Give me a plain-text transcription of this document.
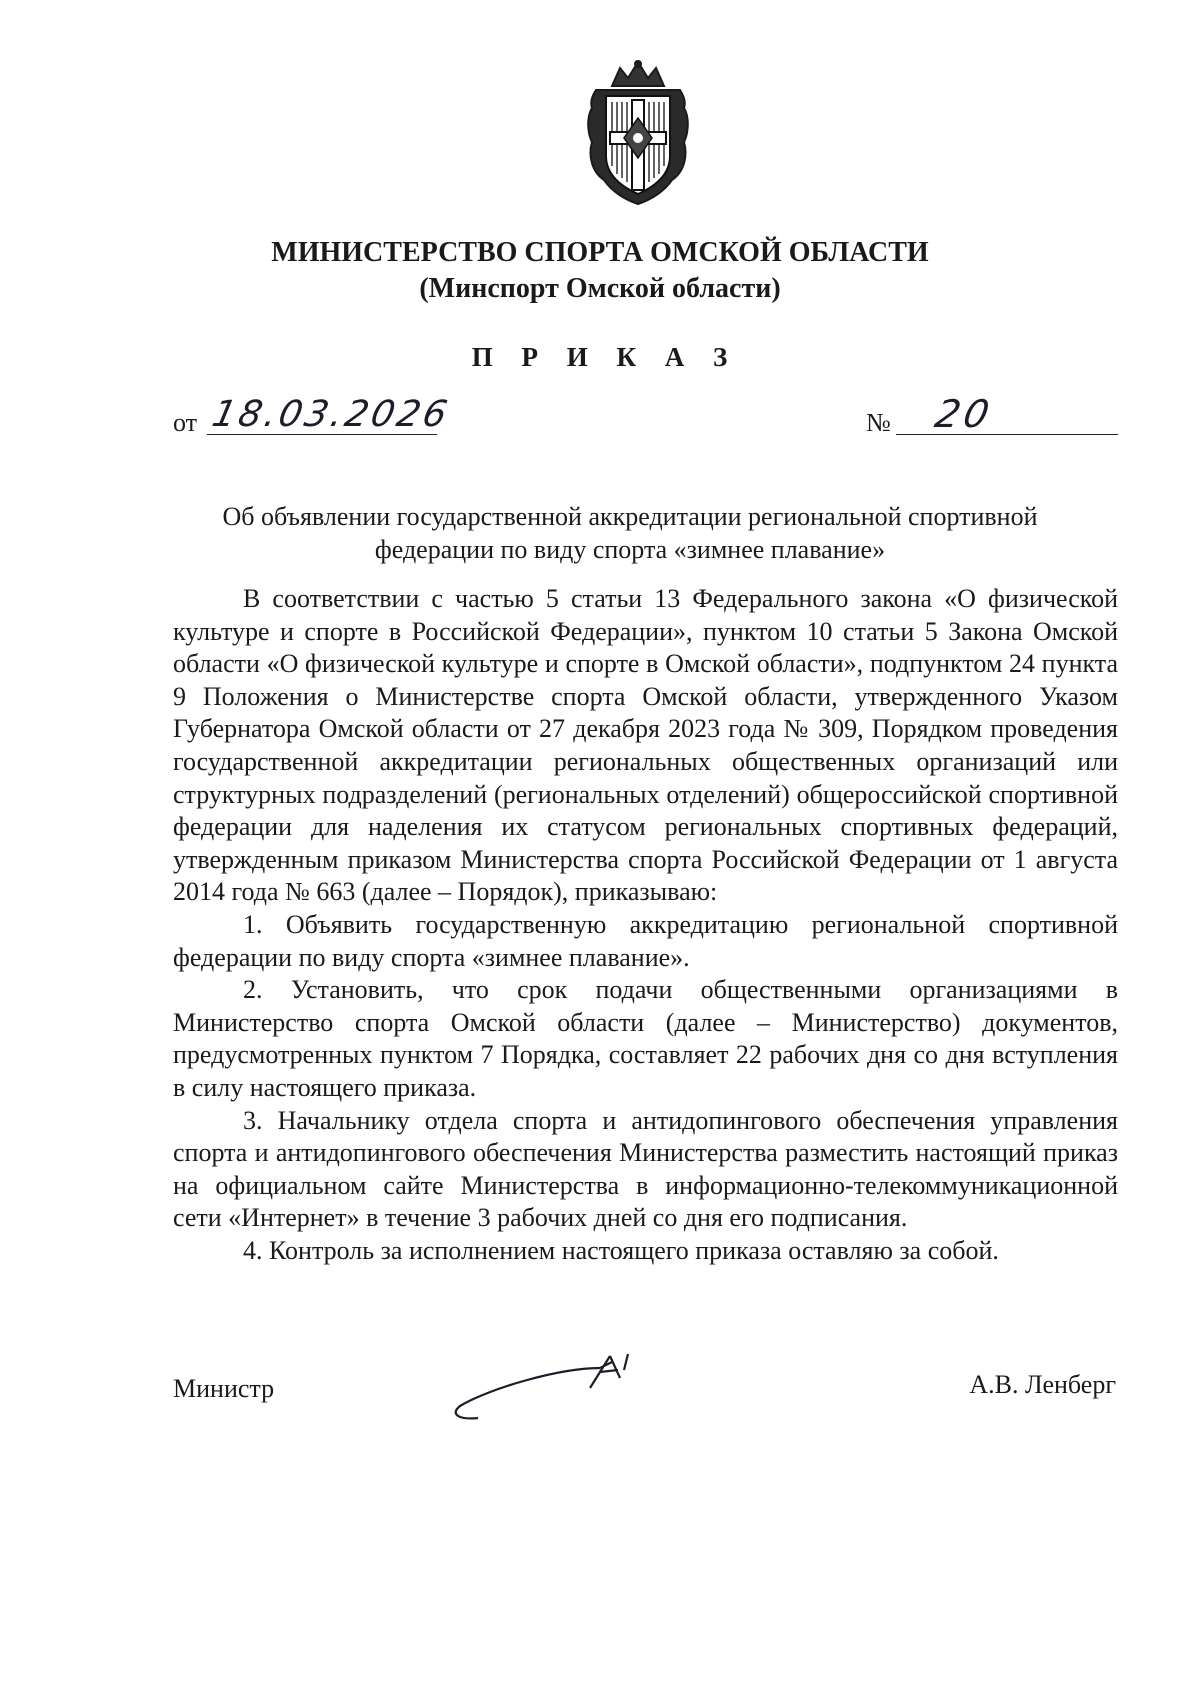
МИНИСТЕРСТВО СПОРТА ОМСКОЙ ОБЛАСТИ
(Минспорт Омской области)
П Р И К А З
от 18.03.2026	№ 20
Об объявлении государственной аккредитации региональной спортивной федерации по виду спорта «зимнее плавание»

В соответствии с частью 5 статьи 13 Федерального закона «О физической культуре и спорте в Российской Федерации», пунктом 10 статьи 5 Закона Омской области «О физической культуре и спорте в Омской области», подпунктом 24 пункта 9 Положения о Министерстве спорта Омской области, утвержденного Указом Губернатора Омской области от 27 декабря 2023 года № 309, Порядком проведения государственной аккредитации региональных общественных организаций или структурных подразделений (региональных отделений) общероссийской спортивной федерации для наделения их статусом региональных спортивных федераций, утвержденным приказом Министерства спорта Российской Федерации от 1 августа 2014 года № 663 (далее – Порядок), приказываю:

1. Объявить государственную аккредитацию региональной спортивной федерации по виду спорта «зимнее плавание».

2. Установить, что срок подачи общественными организациями в Министерство спорта Омской области (далее – Министерство) документов, предусмотренных пунктом 7 Порядка, составляет 22 рабочих дня со дня вступления в силу настоящего приказа.

3. Начальнику отдела спорта и антидопингового обеспечения управления спорта и антидопингового обеспечения Министерства разместить настоящий приказ на официальном сайте Министерства в информационно-телекоммуникационной сети «Интернет» в течение 3 рабочих дней со дня его подписания.

4. Контроль за исполнением настоящего приказа оставляю за собой.

Министр	А.В. Ленберг
